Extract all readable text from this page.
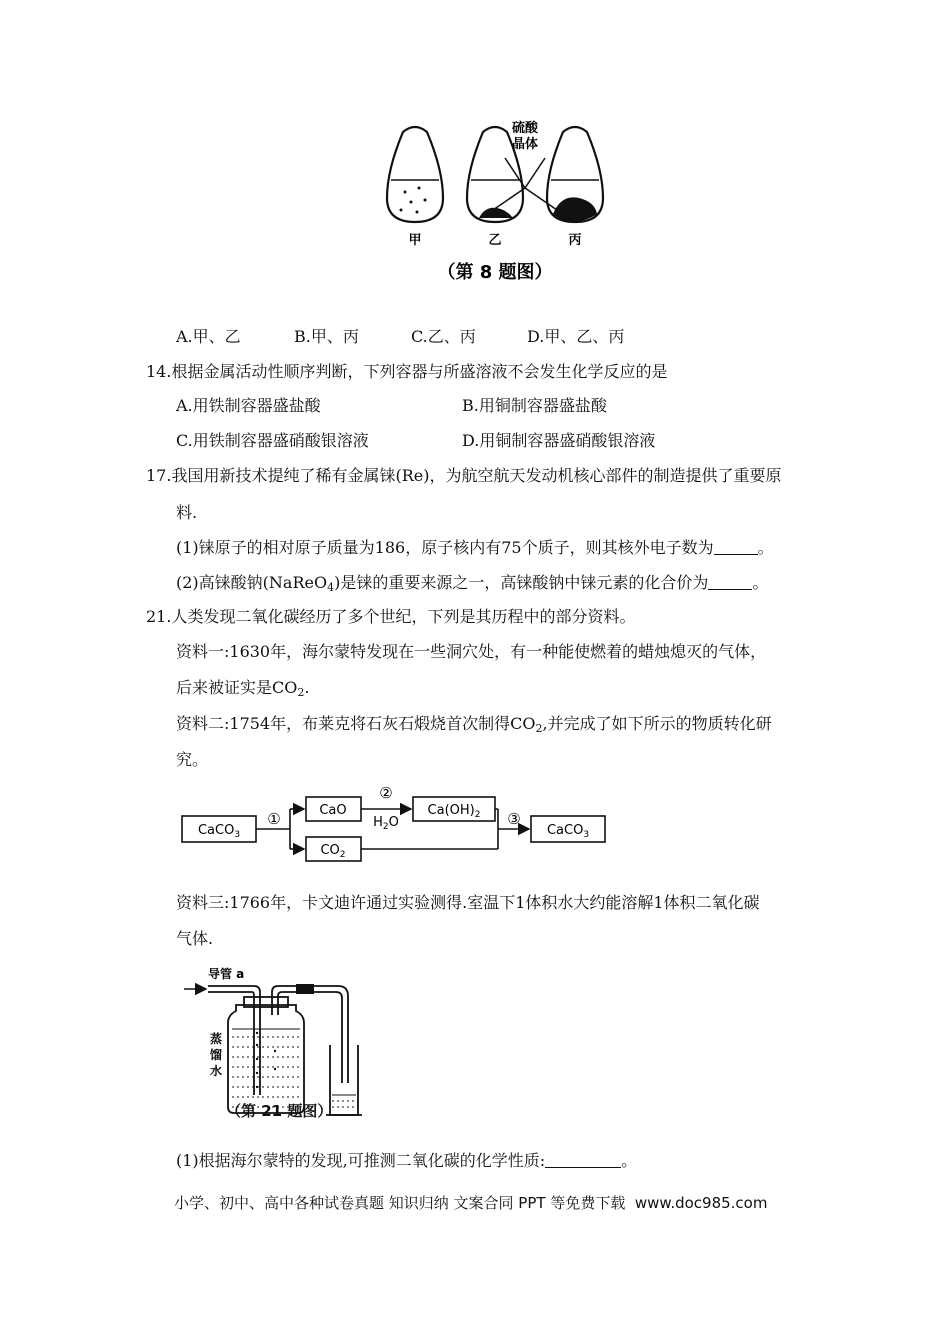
硫酸
晶体
甲	乙	丙
（第 8 题图）
A.甲、乙	B.甲、丙	C.乙、丙	D.甲、乙、丙
14.根据金属活动性顺序判断，下列容器与所盛溶液不会发生化学反应的是
A.用铁制容器盛盐酸	B.用铜制容器盛盐酸
C.用铁制容器盛硝酸银溶液	D.用铜制容器盛硝酸银溶液
17.我国用新技术提纯了稀有金属铼(Re)，为航空航天发动机核心部件的制造提供了重要原
料.
(1)铼原子的相对原子质量为186，原子核内有75个质子，则其核外电子数为	。
(2)高铼酸钠(NaReO$_4$)是铼的重要来源之一，高铼酸钠中铼元素的化合价为	。
21.人类发现二氧化碳经历了多个世纪，下列是其历程中的部分资料。
资料一:1630年，海尔蒙特发现在一些洞穴处，有一种能使燃着的蜡烛熄灭的气体，
后来被证实是$CO_2$.
资料二:1754年，布莱克将石灰石煅烧首次制得$CO_2$,并完成了如下所示的物质转化研
究。
CaCO$_3$
CaO	$Ca(OH)_2$
$CO_2$
CaCO$_3$
①
②
$H_2O$	③
资料三:1766年，卡文迪许通过实验测得.室温下1体积水大约能溶解1体积二氧化碳
气体.
导管 a
蒸
馏
水
（第 21 题图）
(1)根据海尔蒙特的发现,可推测二氧化碳的化学性质:	。
小学、初中、高中各种试卷真题 知识归纳 文案合同 PPT 等免费下载 www.doc985.com
